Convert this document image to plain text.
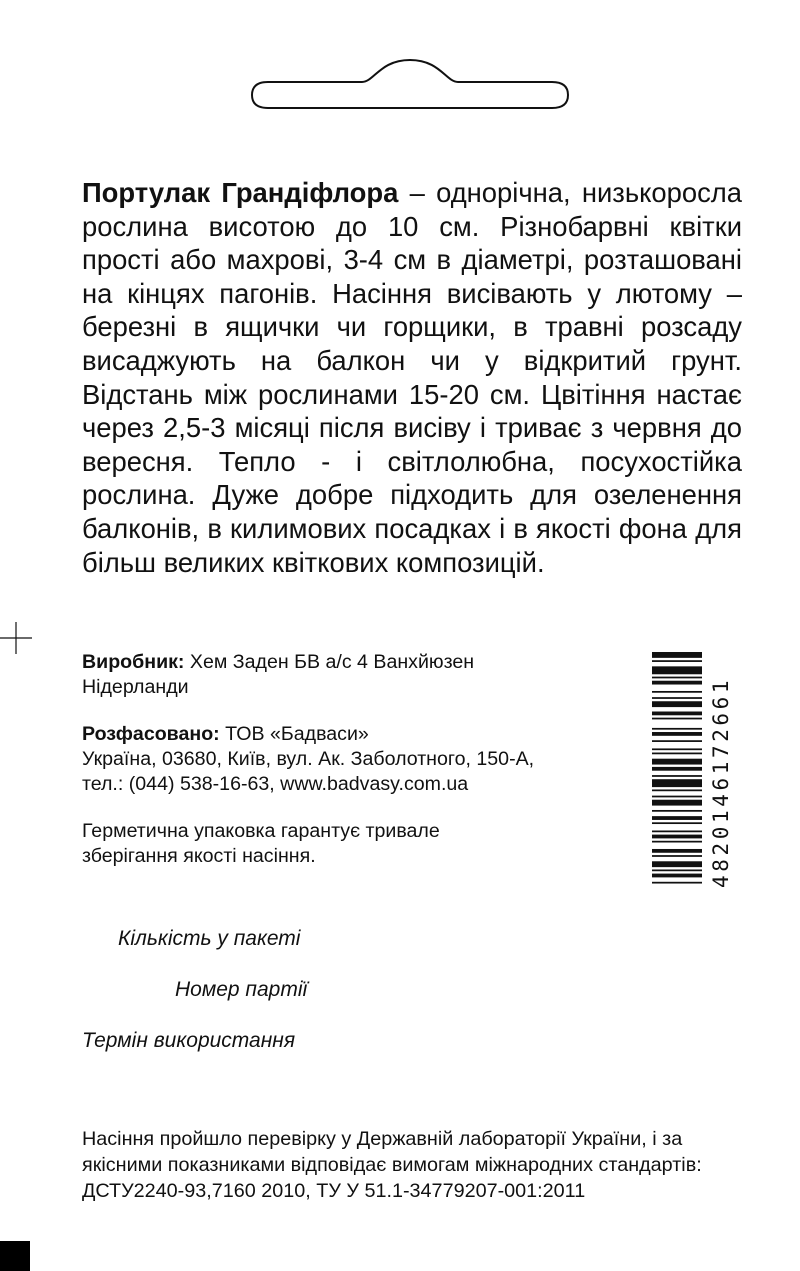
Портулак Грандіфлора – однорічна, низькоросла рослина висотою до 10 см. Різнобарвні квітки прості або махрові, 3-4 см в діаметрі, розташовані на кінцях пагонів. Насіння висівають у лютому – березні в ящички чи горщики, в травні розсаду висаджують на балкон чи у відкритий грунт. Відстань між рослинами 15-20 см. Цвітіння настає через 2,5-3 місяці після висіву і триває з червня до вересня. Тепло - і світлолюбна, посухостійка рослина. Дуже добре підходить для озеленення балконів, в килимових посадках і в якості фона для більш великих квіткових композицій.

Виробник: Хем Заден БВ а/с 4 Ванхйюзен
Нідерланди

Розфасовано: ТОВ «Бадваси»
Україна, 03680, Київ, вул. Ак. Заболотного, 150-А,
тел.: (044) 538-16-63, www.badvasy.com.ua

Герметична упаковка гарантує тривале
зберігання якості насіння.	4820146172661
Кількість у пакеті
Номер партії
Термін використання

Насіння пройшло перевірку у Державній лабораторії України, і за
якісними показниками відповідає вимогам міжнародних стандартів:
ДСТУ2240-93,7160 2010, ТУ У 51.1-34779207-001:2011
